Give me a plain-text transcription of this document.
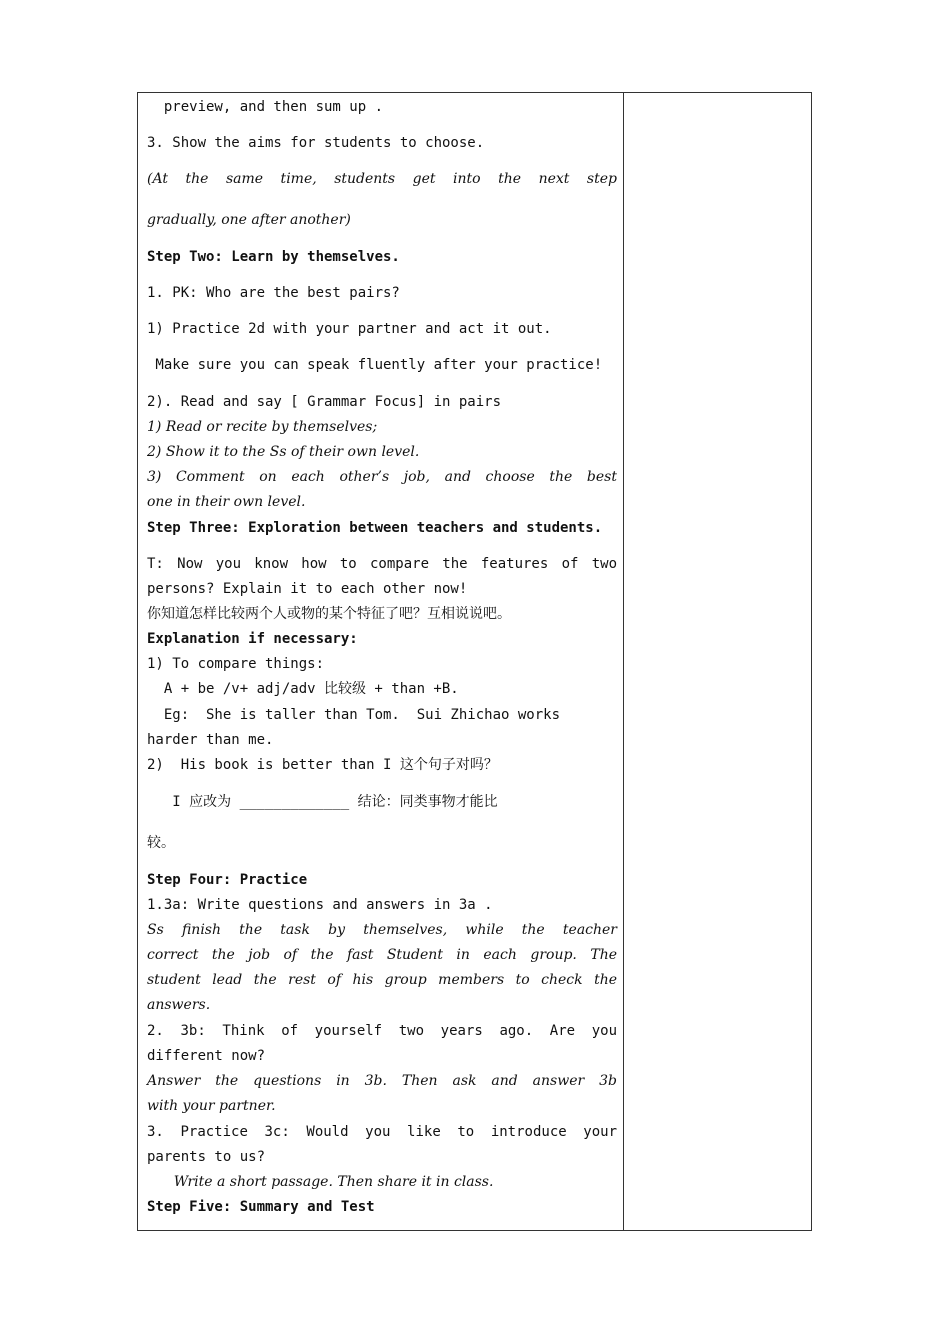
preview, and then sum up .
3. Show the aims for students to choose.
(At the same time, students get into the next step
gradually, one after another)
Step Two: Learn by themselves.
1. PK: Who are the best pairs?
1) Practice 2d with your partner and act it out.
Make sure you can speak fluently after your practice!
2). Read and say [ Grammar Focus] in pairs
1) Read or recite by themselves;
2) Show it to the Ss of their own level.
3) Comment on each other’s job, and choose the best
one in their own level.
Step Three: Exploration between teachers and students.
T: Now you know how to compare the features of two
persons? Explain it to each other now!
你知道怎样比较两个人或物的某个特征了吧？互相说说吧。
Explanation if necessary:
1) To compare things:
A + be /v+ adj/adv 比较级 + than +B.
Eg:  She is taller than Tom.  Sui Zhichao works
harder than me.
2)  His book is better than I 这个句子对吗？
I 应改为 _____________ 结论：同类事物才能比
较。
Step Four: Practice
1.3a: Write questions and answers in 3a .
Ss finish the task by themselves, while the teacher
correct the job of the fast Student in each group. The
student lead the rest of his group members to check the
answers.
2. 3b: Think of yourself two years ago. Are you
different now?
Answer the questions in 3b. Then ask and answer 3b
with your partner.
3. Practice 3c: Would you like to introduce your
parents to us?
Write a short passage. Then share it in class.
Step Five: Summary and Test
